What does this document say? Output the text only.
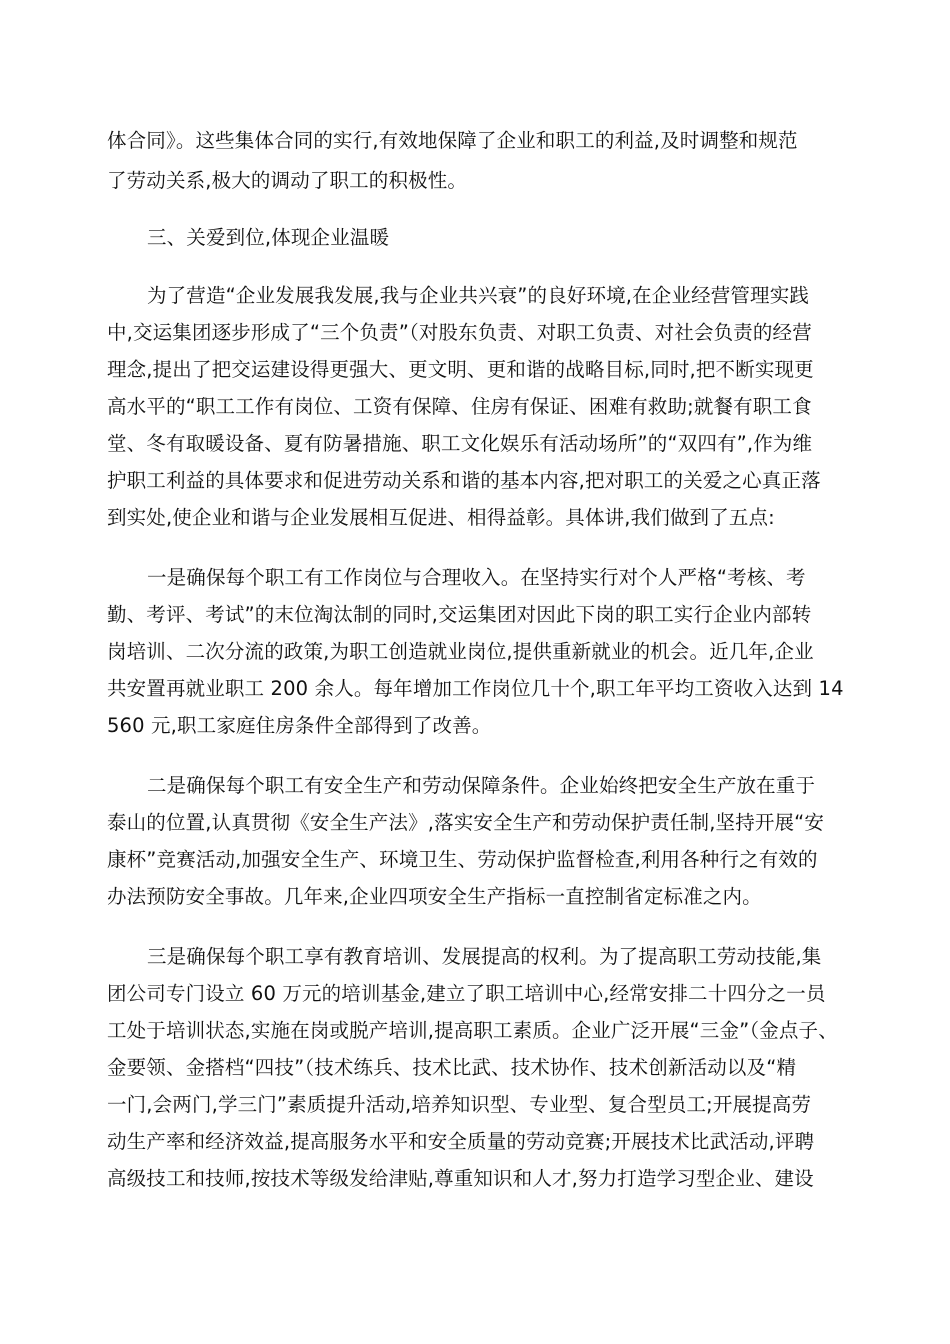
体合同》。这些集体合同的实行,有效地保障了企业和职工的利益,及时调整和规范
了劳动关系,极大的调动了职工的积极性。
三、关爱到位,体现企业温暖
为了营造“企业发展我发展,我与企业共兴衰”的良好环境,在企业经营管理实践
中,交运集团逐步形成了“三个负责”（对股东负责、对职工负责、对社会负责的经营
理念,提出了把交运建设得更强大、更文明、更和谐的战略目标,同时,把不断实现更
高水平的“职工工作有岗位、工资有保障、住房有保证、困难有救助;就餐有职工食
堂、冬有取暖设备、夏有防暑措施、职工文化娱乐有活动场所”的“双四有”,作为维
护职工利益的具体要求和促进劳动关系和谐的基本内容,把对职工的关爱之心真正落
到实处,使企业和谐与企业发展相互促进、相得益彰。具体讲,我们做到了五点:
一是确保每个职工有工作岗位与合理收入。在坚持实行对个人严格“考核、考
勤、考评、考试”的末位淘汰制的同时,交运集团对因此下岗的职工实行企业内部转
岗培训、二次分流的政策,为职工创造就业岗位,提供重新就业的机会。近几年,企业
共安置再就业职工 200 余人。每年增加工作岗位几十个,职工年平均工资收入达到 14
560 元,职工家庭住房条件全部得到了改善。
二是确保每个职工有安全生产和劳动保障条件。企业始终把安全生产放在重于
泰山的位置,认真贯彻《安全生产法》,落实安全生产和劳动保护责任制,坚持开展“安
康杯”竞赛活动,加强安全生产、环境卫生、劳动保护监督检查,利用各种行之有效的
办法预防安全事故。几年来,企业四项安全生产指标一直控制省定标准之内。
三是确保每个职工享有教育培训、发展提高的权利。为了提高职工劳动技能,集
团公司专门设立 60 万元的培训基金,建立了职工培训中心,经常安排二十四分之一员
工处于培训状态,实施在岗或脱产培训,提高职工素质。企业广泛开展“三金”（金点子、
金要领、金搭档“四技”（技术练兵、技术比武、技术协作、技术创新活动以及“精
一门,会两门,学三门”素质提升活动,培养知识型、专业型、复合型员工;开展提高劳
动生产率和经济效益,提高服务水平和安全质量的劳动竞赛;开展技术比武活动,评聘
高级技工和技师,按技术等级发给津贴,尊重知识和人才,努力打造学习型企业、建设
